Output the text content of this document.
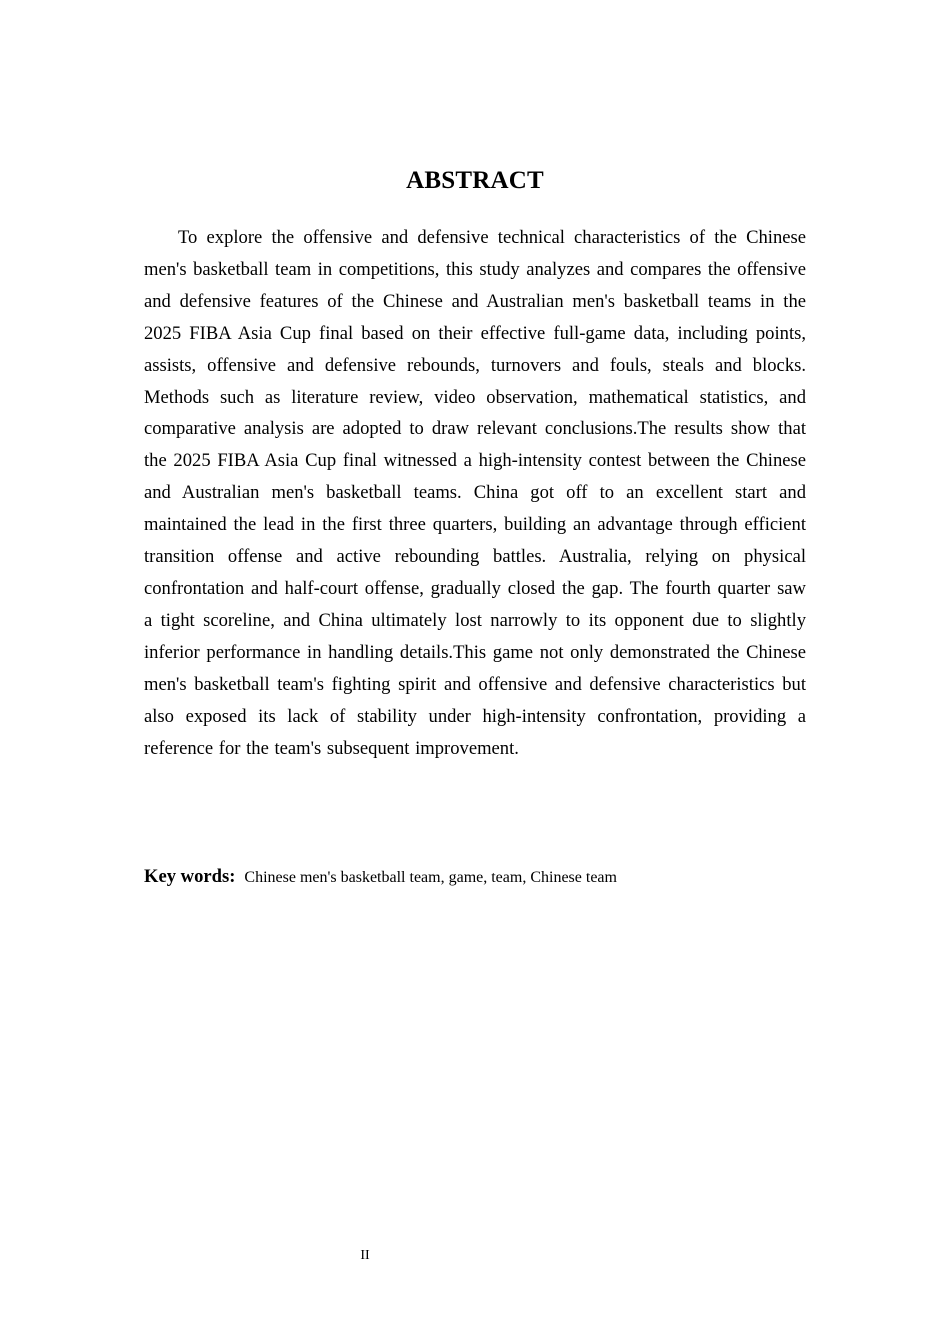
ABSTRACT

To explore the offensive and defensive technical characteristics of the Chinese men's basketball team in competitions, this study analyzes and compares the offensive and defensive features of the Chinese and Australian men's basketball teams in the 2025 FIBA Asia Cup final based on their effective full-game data, including points, assists, offensive and defensive rebounds, turnovers and fouls, steals and blocks. Methods such as literature review, video observation, mathematical statistics, and comparative analysis are adopted to draw relevant conclusions.The results show that the 2025 FIBA Asia Cup final witnessed a high-intensity contest between the Chinese and Australian men's basketball teams. China got off to an excellent start and maintained the lead in the first three quarters, building an advantage through efficient transition offense and active rebounding battles. Australia, relying on physical confrontation and half-court offense, gradually closed the gap. The fourth quarter saw a tight scoreline, and China ultimately lost narrowly to its opponent due to slightly inferior performance in handling details.This game not only demonstrated the Chinese men's basketball team's fighting spirit and offensive and defensive characteristics but also exposed its lack of stability under high-intensity confrontation, providing a reference for the team's subsequent improvement.

Key words: Chinese men's basketball team, game, team, Chinese team
II
